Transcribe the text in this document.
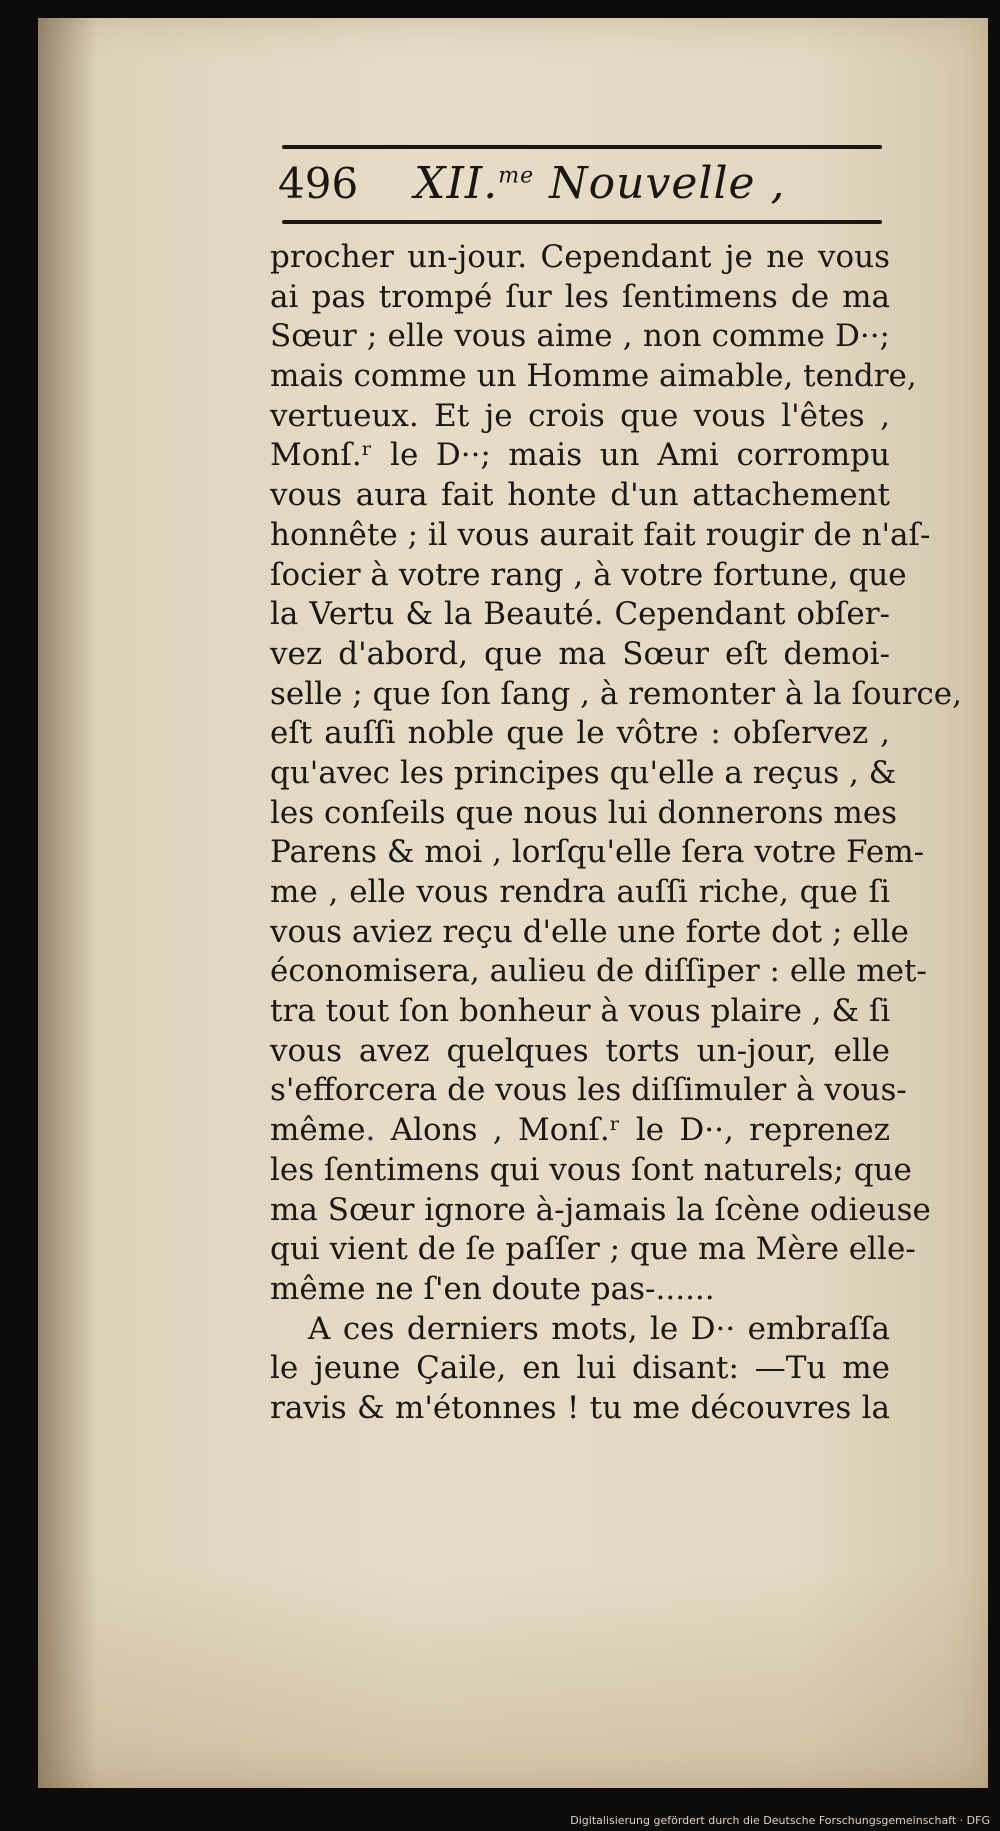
496 XII.$^{me}$ Nouvelle ,
procher un-jour. Cependant je ne vous
ai pas trompé ſur les ſentimens de ma
Sœur ; elle vous aime , non comme D··;
mais comme un Homme aimable, tendre,
vertueux. Et je crois que vous l'êtes ,
Monſ.ʳ le D··; mais un Ami corrompu
vous aura fait honte d'un attachement
honnête ; il vous aurait fait rougir de n'aſ-
ſocier à votre rang , à votre fortune, que
la Vertu & la Beauté. Cependant obſer-
vez d'abord, que ma Sœur eſt demoi-
selle ; que ſon ſang , à remonter à la ſource,
eſt auſſi noble que le vôtre : obſervez ,
qu'avec les principes qu'elle a reçus , &
les conſeils que nous lui donnerons mes
Parens & moi , lorſqu'elle ſera votre Fem-
me , elle vous rendra auſſi riche, que ſi
vous aviez reçu d'elle une forte dot ; elle
économisera, aulieu de diſſiper : elle met-
tra tout ſon bonheur à vous plaire , & ſi
vous avez quelques torts un-jour, elle
s'efforcera de vous les diſſimuler à vous-
même. Alons , Monſ.ʳ le D··, reprenez
les ſentimens qui vous ſont naturels; que
ma Sœur ignore à-jamais la ſcène odieuse
qui vient de ſe paſſer ; que ma Mère elle-
même ne ſ'en doute pas-......
A ces derniers mots, le D·· embraſſa
le jeune Çaile, en lui disant: —Tu me
ravis & m'étonnes ! tu me découvres la
Digitalisierung gefördert durch die Deutsche Forschungsgemeinschaft · DFG
